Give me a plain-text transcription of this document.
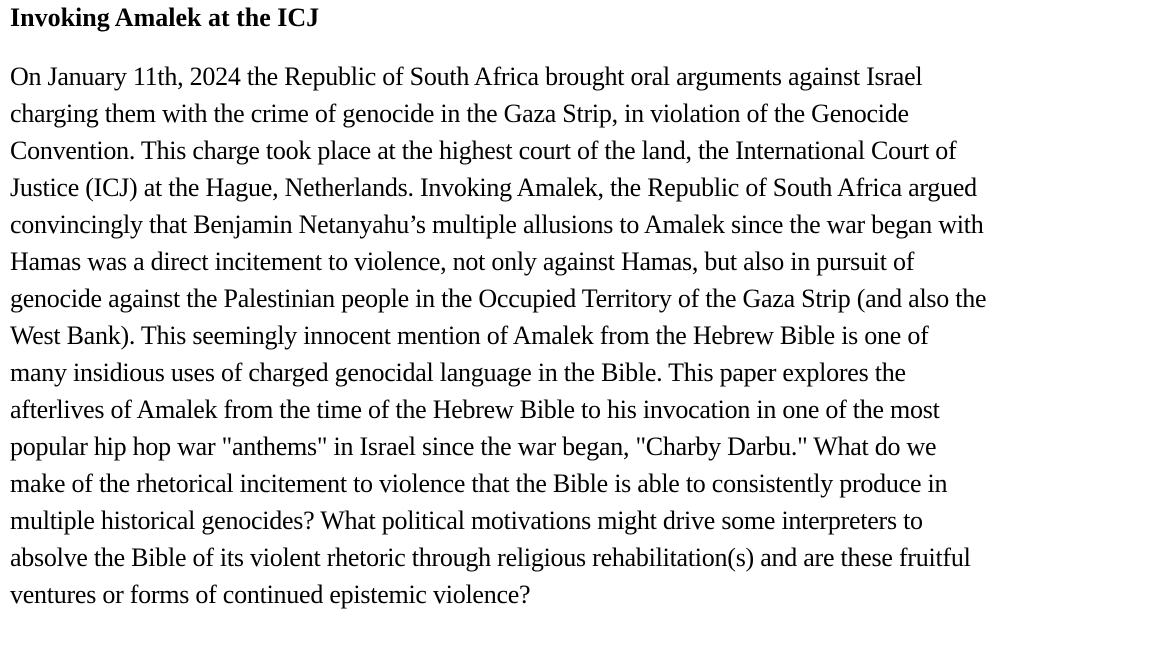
Invoking Amalek at the ICJ

On January 11th, 2024 the Republic of South Africa brought oral arguments against Israel
charging them with the crime of genocide in the Gaza Strip, in violation of the Genocide
Convention. This charge took place at the highest court of the land, the International Court of
Justice (ICJ) at the Hague, Netherlands. Invoking Amalek, the Republic of South Africa argued
convincingly that Benjamin Netanyahu’s multiple allusions to Amalek since the war began with
Hamas was a direct incitement to violence, not only against Hamas, but also in pursuit of
genocide against the Palestinian people in the Occupied Territory of the Gaza Strip (and also the
West Bank). This seemingly innocent mention of Amalek from the Hebrew Bible is one of
many insidious uses of charged genocidal language in the Bible. This paper explores the
afterlives of Amalek from the time of the Hebrew Bible to his invocation in one of the most
popular hip hop war "anthems" in Israel since the war began, "Charby Darbu." What do we
make of the rhetorical incitement to violence that the Bible is able to consistently produce in
multiple historical genocides? What political motivations might drive some interpreters to
absolve the Bible of its violent rhetoric through religious rehabilitation(s) and are these fruitful
ventures or forms of continued epistemic violence?
